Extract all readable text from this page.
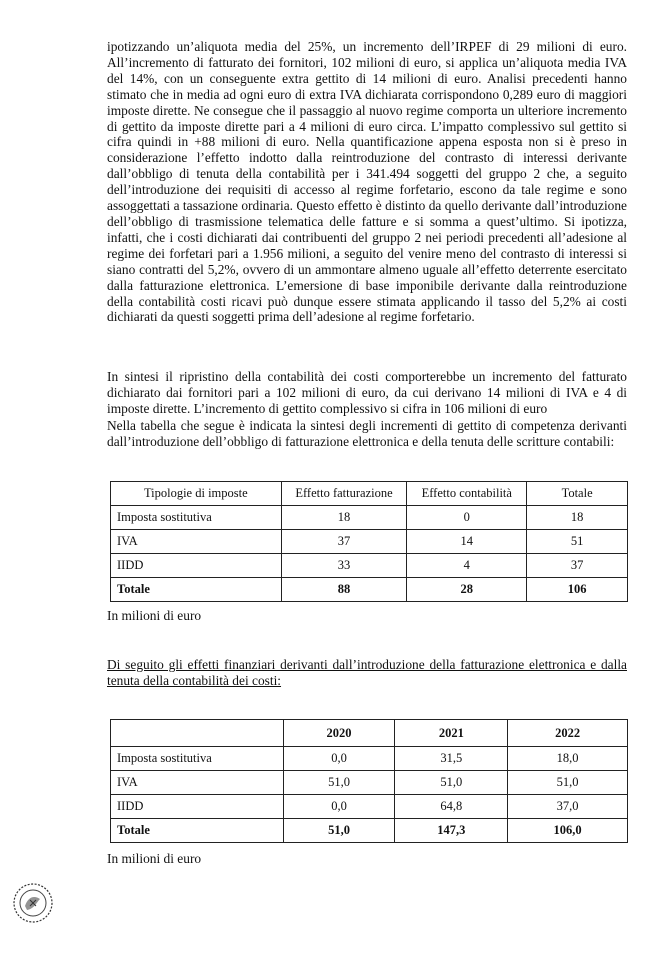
ipotizzando un’aliquota media del 25%, un incremento dell’IRPEF di 29 milioni di euro. All’incremento di fatturato dei fornitori, 102 milioni di euro, si applica un’aliquota media IVA del 14%, con un conseguente extra gettito di 14 milioni di euro. Analisi precedenti hanno stimato che in media ad ogni euro di extra IVA dichiarata corrispondono 0,289 euro di maggiori imposte dirette. Ne consegue che il passaggio al nuovo regime comporta un ulteriore incremento di gettito da imposte dirette pari a 4 milioni di euro circa. L’impatto complessivo sul gettito si cifra quindi in +88 milioni di euro. Nella quantificazione appena esposta non si è preso in considerazione l’effetto indotto dalla reintroduzione del contrasto di interessi derivante dall’obbligo di tenuta della contabilità per i 341.494 soggetti del gruppo 2 che, a seguito dell’introduzione dei requisiti di accesso al regime forfetario, escono da tale regime e sono assoggettati a tassazione ordinaria. Questo effetto è distinto da quello derivante dall’introduzione dell’obbligo di trasmissione telematica delle fatture e si somma a quest’ultimo. Si ipotizza, infatti, che i costi dichiarati dai contribuenti del gruppo 2 nei periodi precedenti all’adesione al regime dei forfetari pari a 1.956 milioni, a seguito del venire meno del contrasto di interessi si siano contratti del 5,2%, ovvero di un ammontare almeno uguale all’effetto deterrente esercitato dalla fatturazione elettronica. L’emersione di base imponibile derivante dalla reintroduzione della contabilità costi ricavi può dunque essere stimata applicando il tasso del 5,2% ai costi dichiarati da questi soggetti prima dell’adesione al regime forfetario.

Tipologie di imposte	Effetto fatturazione	Effetto contabilità	Totale
Imposta sostitutiva	18	0	18
IVA	37	14	51
IIDD	33	4	37
Totale	88	28	106
In milioni di euro

In sintesi il ripristino della contabilità dei costi comporterebbe un incremento del fatturato dichiarato dai fornitori pari a 102 milioni di euro, da cui derivano 14 milioni di IVA e 4 di imposte dirette. L’incremento di gettito complessivo si cifra in 106 milioni di euro

Nella tabella che segue è indicata la sintesi degli incrementi di gettito di competenza derivanti dall’introduzione dell’obbligo di fatturazione elettronica e della tenuta delle scritture contabili:

Di seguito gli effetti finanziari derivanti dall’introduzione della fatturazione elettronica e dalla tenuta della contabilità dei costi:

	2020	2021	2022
Imposta sostitutiva	0,0	31,5	18,0
IVA	51,0	51,0	51,0
IIDD	0,0	64,8	37,0
Totale	51,0	147,3	106,0
In milioni di euro
